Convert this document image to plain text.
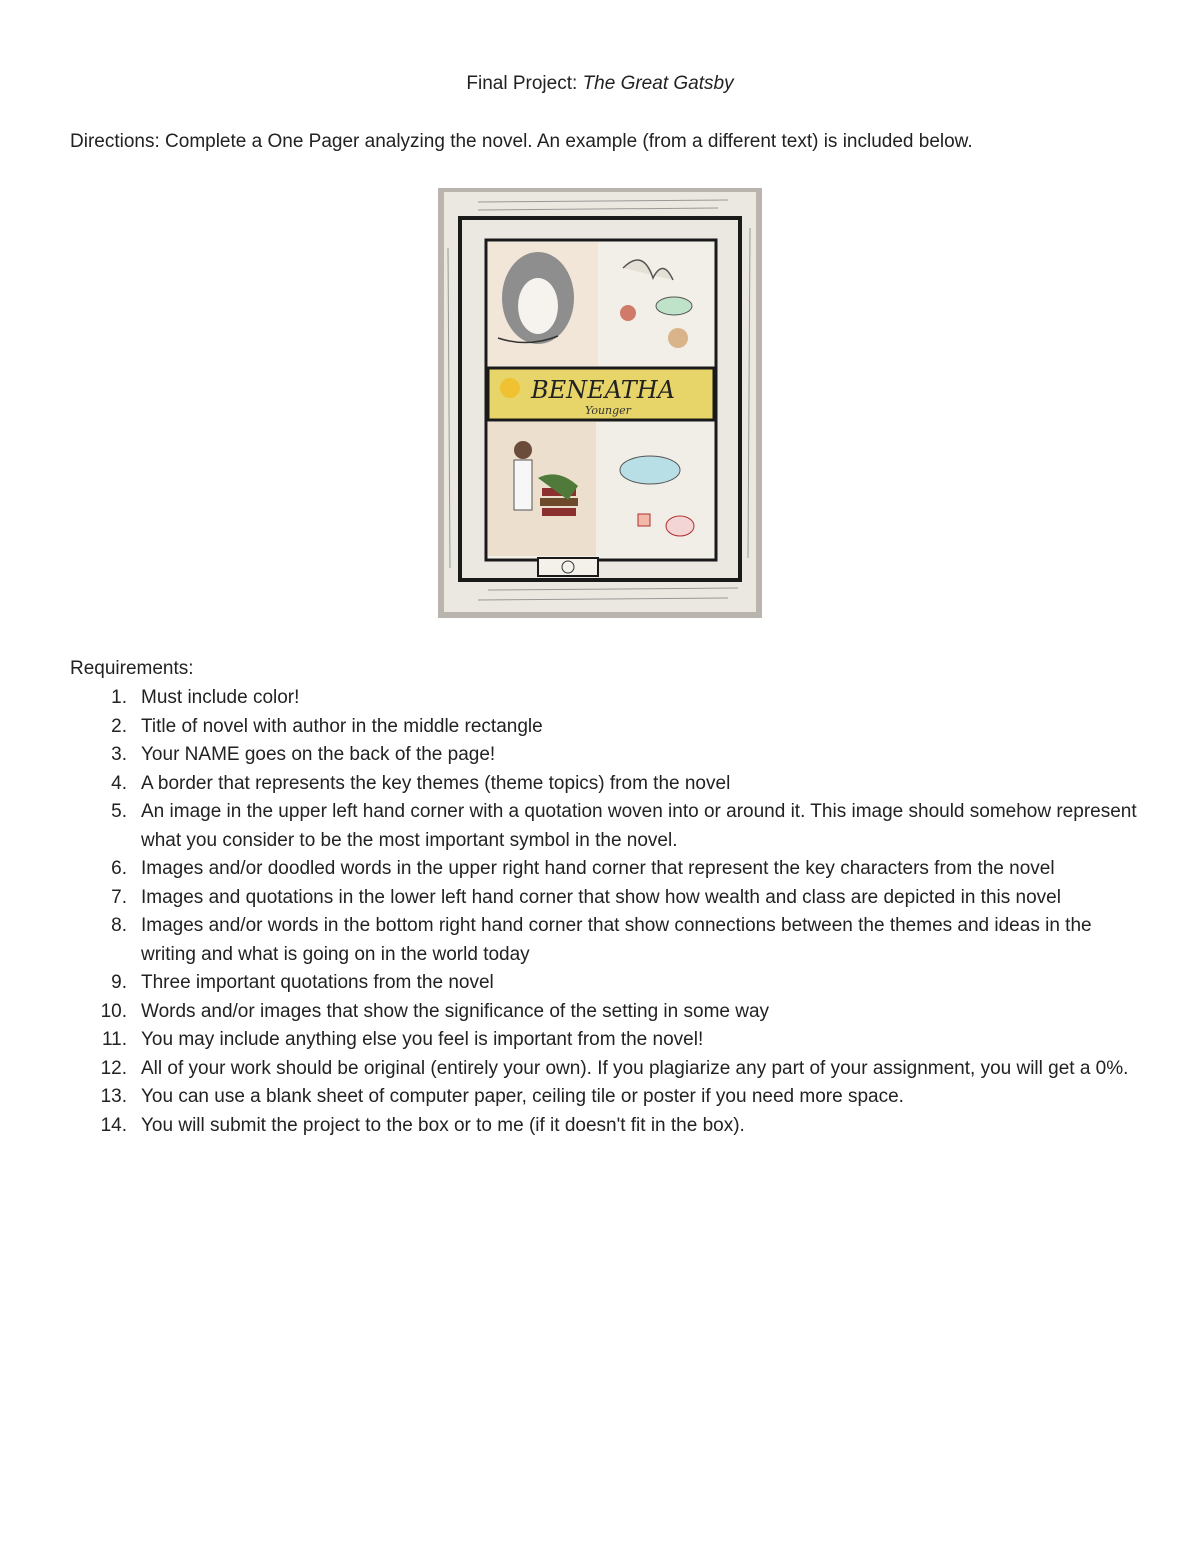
Final Project: The Great Gatsby
Directions: Complete a One Pager analyzing the novel. An example (from a different text) is included below.
BENEATHA
Younger
Requirements:
1. Must include color!
2. Title of novel with author in the middle rectangle
3. Your NAME goes on the back of the page!
4. A border that represents the key themes (theme topics) from the novel
5. An image in the upper left hand corner with a quotation woven into or around it. This image should somehow represent what you consider to be the most important symbol in the novel.
6. Images and/or doodled words in the upper right hand corner that represent the key characters from the novel
7. Images and quotations in the lower left hand corner that show how wealth and class are depicted in this novel
8. Images and/or words in the bottom right hand corner that show connections between the themes and ideas in the writing and what is going on in the world today
9. Three important quotations from the novel
10. Words and/or images that show the significance of the setting in some way
11. You may include anything else you feel is important from the novel!
12. All of your work should be original (entirely your own). If you plagiarize any part of your assignment, you will get a 0%.
13. You can use a blank sheet of computer paper, ceiling tile or poster if you need more space.
14. You will submit the project to the box or to me (if it doesn't fit in the box).
